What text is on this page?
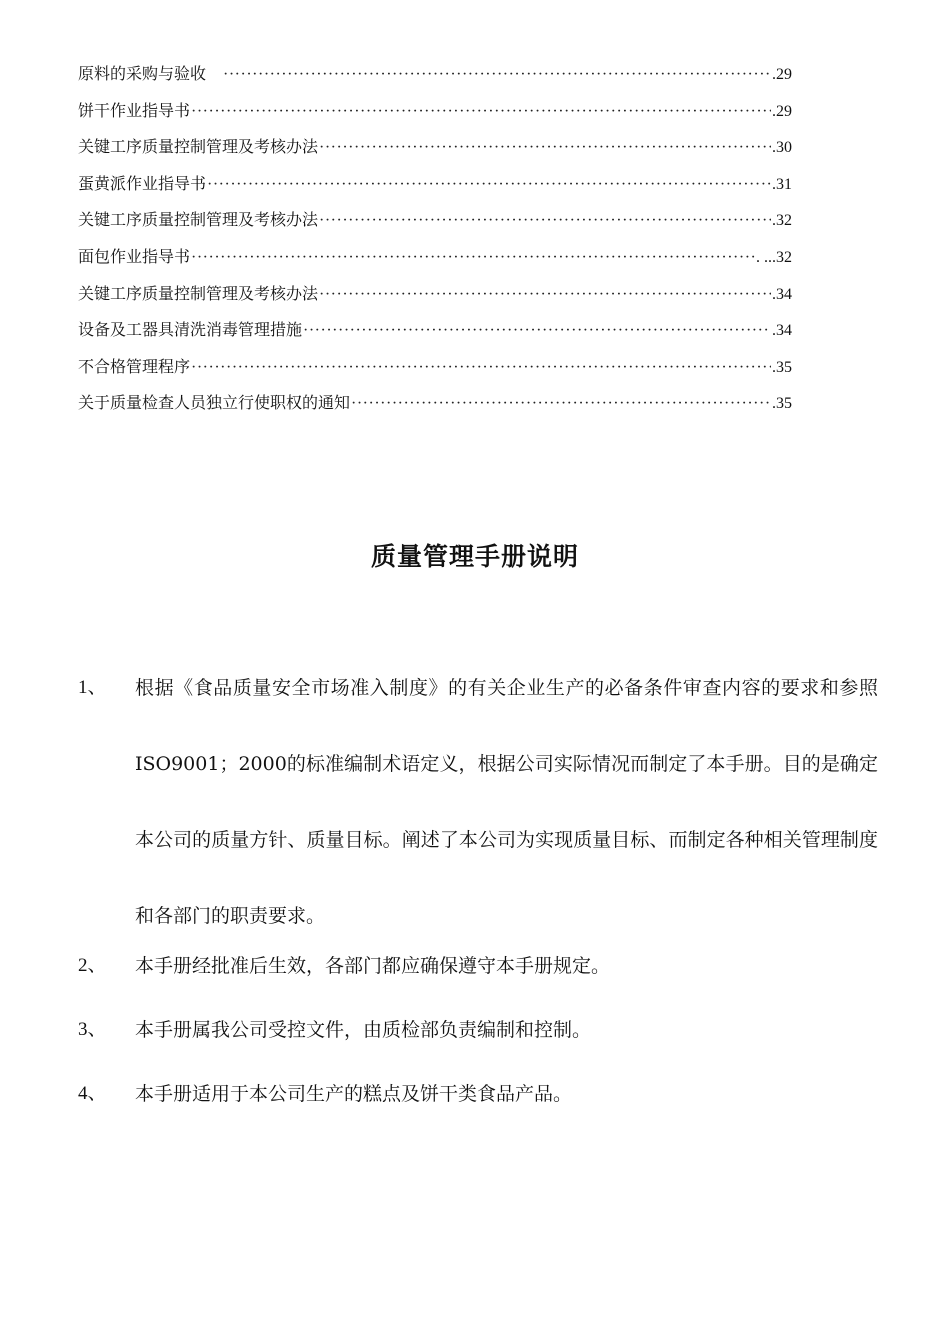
原料的采购与验收　 ·····	.29
饼干作业指导书 ·····	.29
关键工序质量控制管理及考核办法 ·····	.30
蛋黄派作业指导书 ·····	.31
关键工序质量控制管理及考核办法 ·····	.32
面包作业指导书 ·····	. ...32
关键工序质量控制管理及考核办法 ·····	.34
设备及工器具清洗消毒管理措施 ·····	.34
不合格管理程序 ·····	.35
关于质量检查人员独立行使职权的通知 ·····	.35
质量管理手册说明
1、	根据《食品质量安全市场准入制度》的有关企业生产的必备条件审查内容的要求和参照ISO9001；2000的标准编制术语定义，根据公司实际情况而制定了本手册。目的是确定本公司的质量方针、质量目标。阐述了本公司为实现质量目标、而制定各种相关管理制度和各部门的职责要求。
2、	本手册经批准后生效，各部门都应确保遵守本手册规定。
3、	本手册属我公司受控文件，由质检部负责编制和控制。
4、	本手册适用于本公司生产的糕点及饼干类食品产品。
